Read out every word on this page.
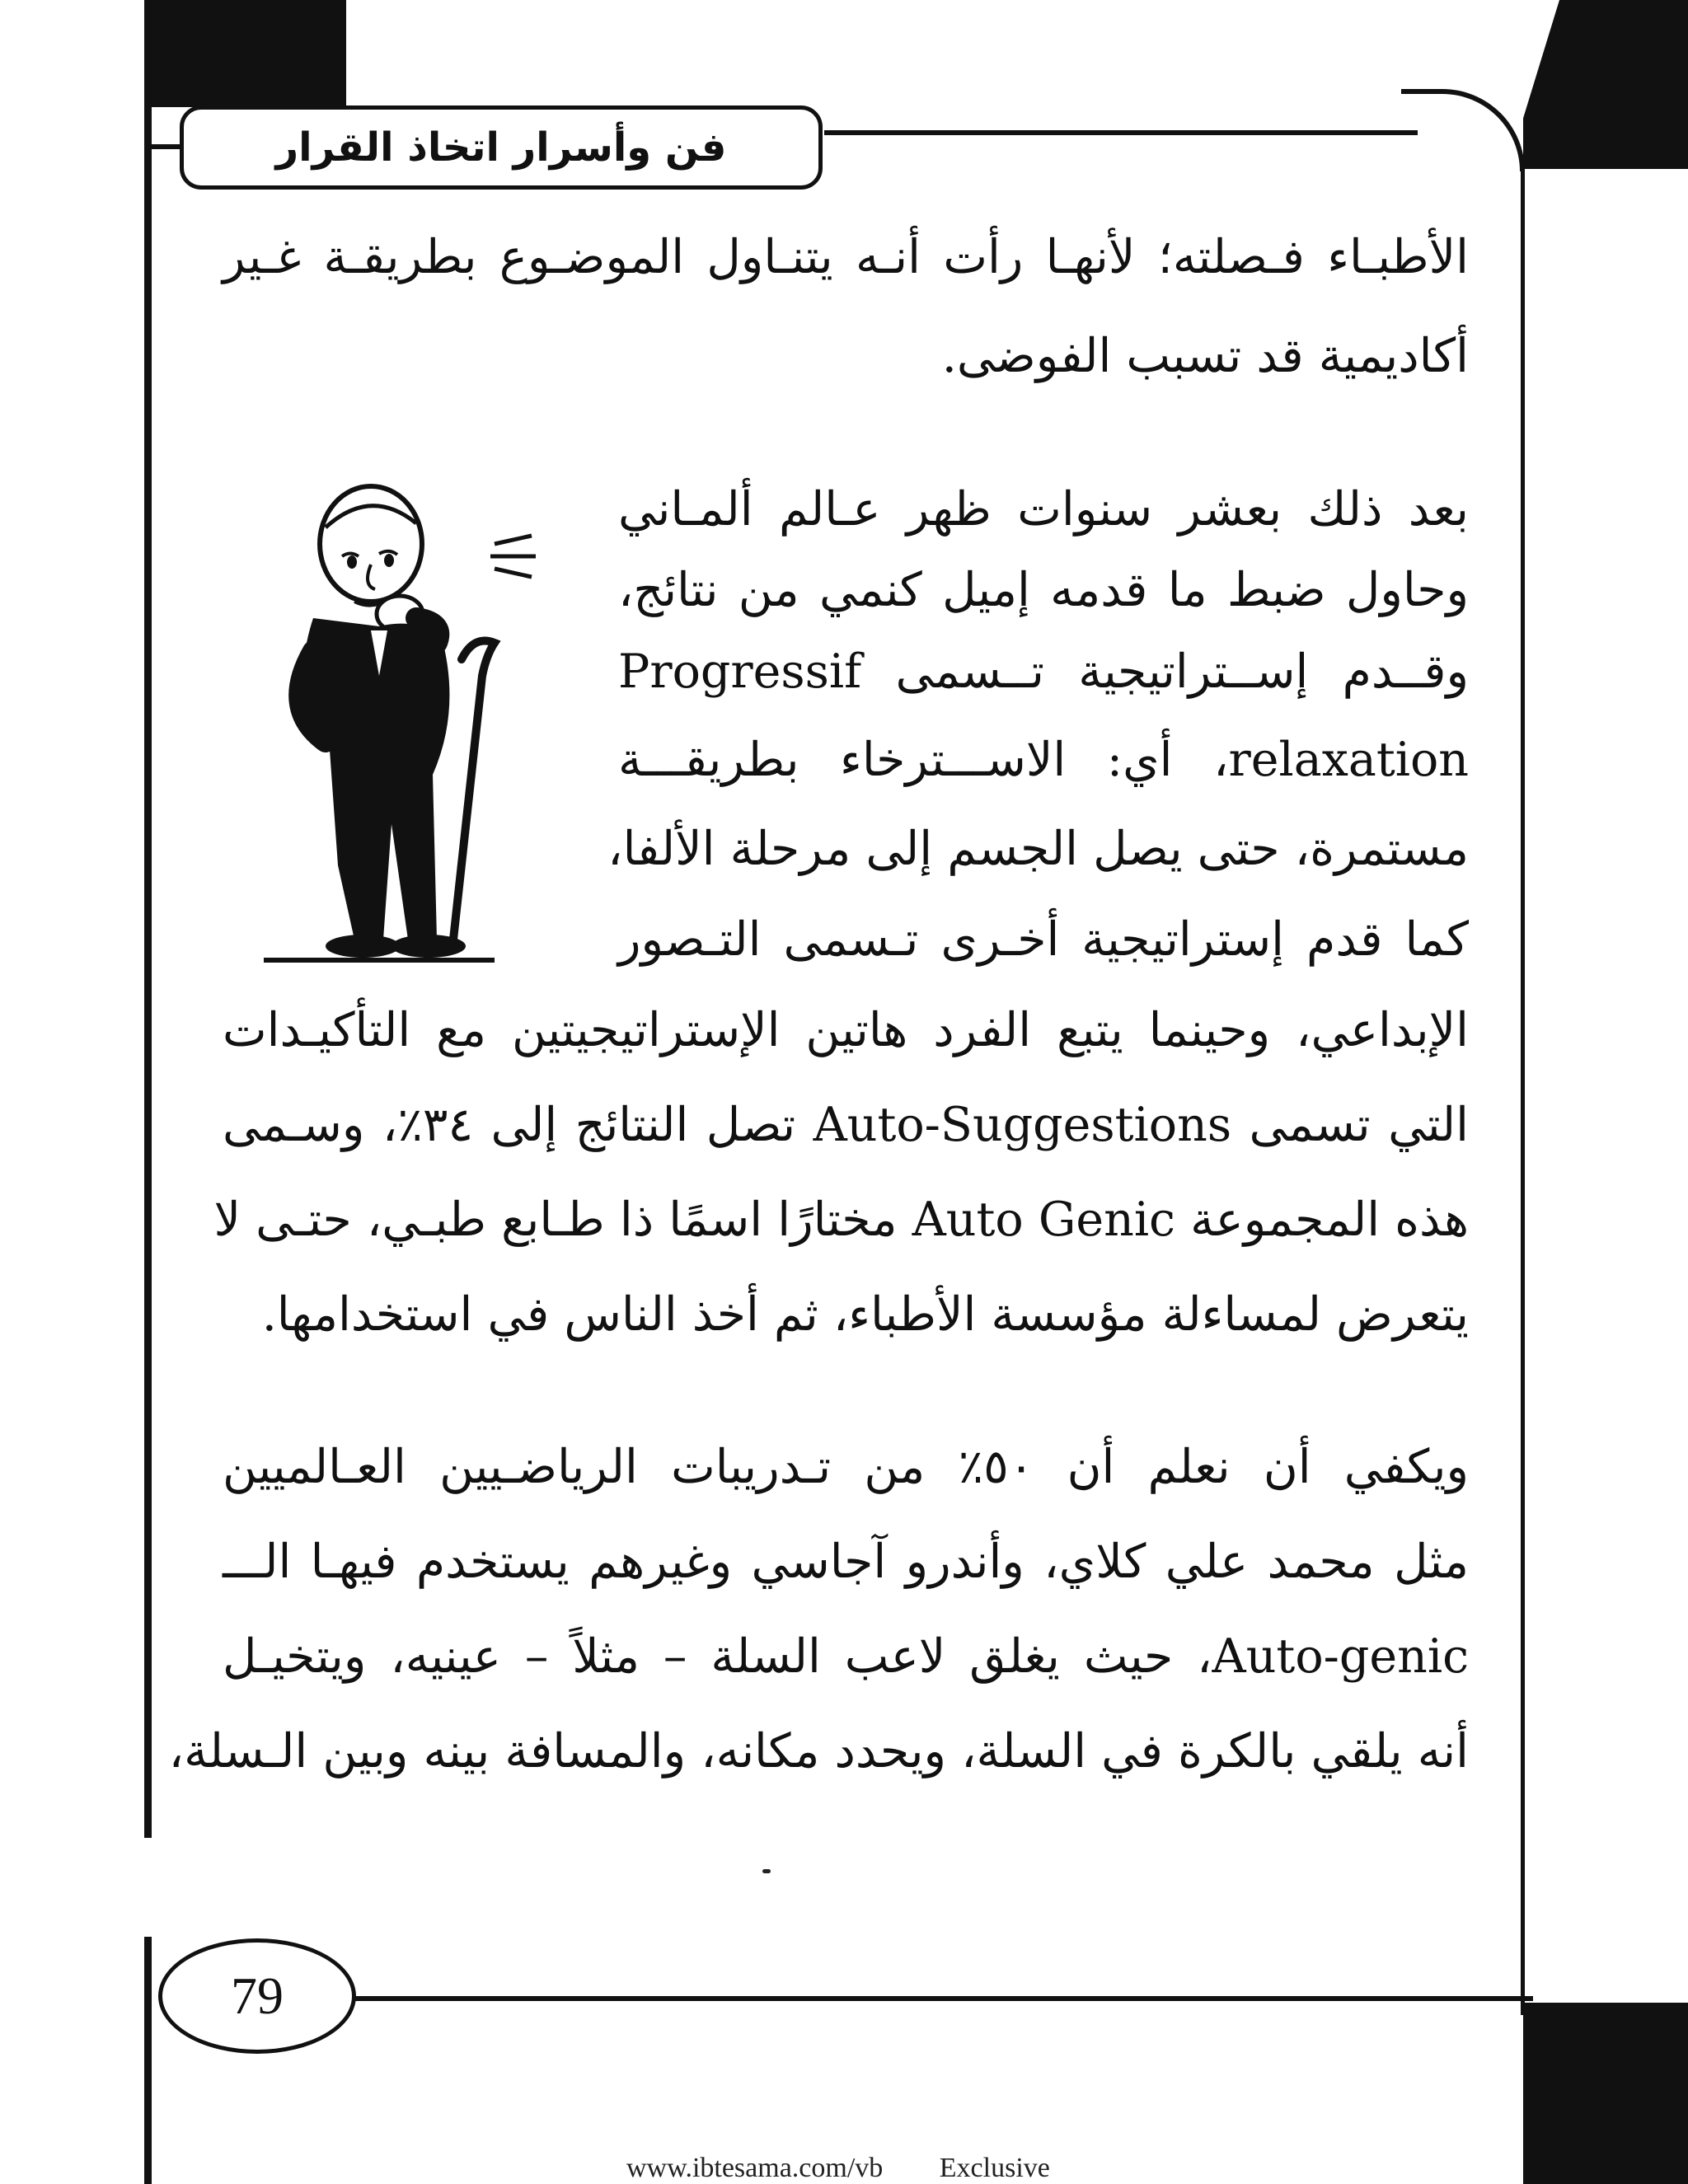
فن وأسرار اتخاذ القرار
الأطبـاء فـصلته؛ لأنهـا رأت أنـه يتنـاول الموضـوع بطريقـة غـير
أكاديمية قد تسبب الفوضى.
بعد ذلك بعشر سنوات ظهر عـالم ألمـاني
وحاول ضبط ما قدمه إميل كنمي من نتائج،
وقــدم إســتراتيجية تــسمى Progressif
relaxation، أي: الاســـترخاء بطريقـــة
مستمرة، حتى يصل الجسم إلى مرحلة الألفا،
كما قدم إستراتيجية أخـرى تـسمى التـصور
الإبداعي، وحينما يتبع الفرد هاتين الإستراتيجيتين مع التأكيـدات
التي تسمى Auto-Suggestions تصل النتائج إلى ٣٤٪، وسـمى
هذه المجموعة Auto Genic مختارًا اسمًا ذا طـابع طبـي، حتـى لا
يتعرض لمساءلة مؤسسة الأطباء، ثم أخذ الناس في استخدامها.
ويكفي أن نعلم أن ٥٠٪ من تـدريبات الرياضـيين العـالميين
مثل محمد علي كلاي، وأندرو آجاسي وغيرهم يستخدم فيهـا الـــ
Auto-genic، حيث يغلق لاعب السلة – مثلاً – عينيه، ويتخيـل
أنه يلقي بالكرة في السلة، ويحدد مكانه، والمسافة بينه وبين الـسلة،
79
www.ibtesama.com/vb Exclusive
